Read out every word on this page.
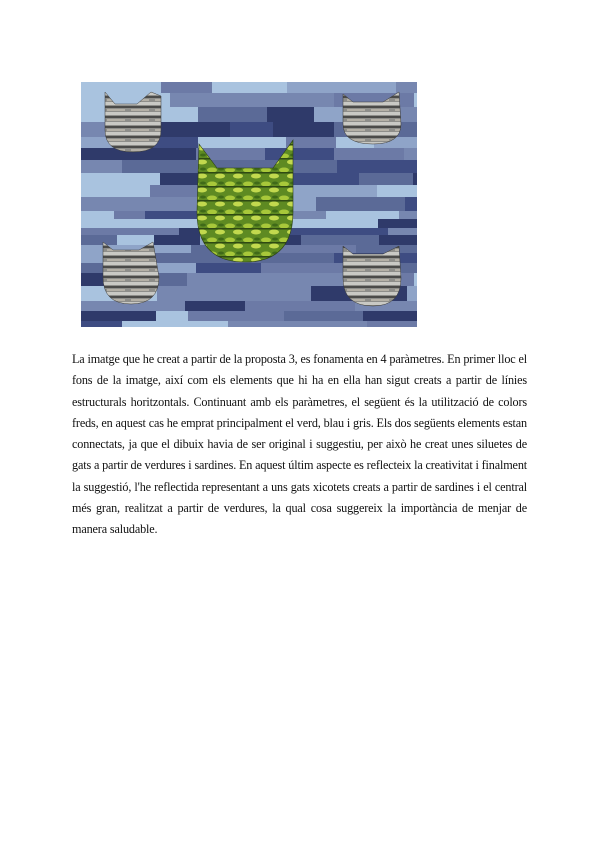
La imatge que he creat a partir de la proposta 3, es fonamenta en 4 paràmetres. En primer lloc el fons de la imatge, així com els elements que hi ha en ella han sigut creats a partir de línies estructurals horitzontals. Continuant amb els paràmetres, el següent és la utilització de colors freds, en aquest cas he emprat principalment el verd, blau i gris. Els dos següents elements estan connectats, ja que el dibuix havia de ser original i suggestiu, per això he creat unes siluetes de gats a partir de verdures i sardines. En aquest últim aspecte es reflecteix la creativitat i finalment la suggestió, l'he reflectida representant a uns gats xicotets creats a partir de sardines i el central més gran, realitzat a partir de verdures, la qual cosa suggereix la importància de menjar de manera saludable.
